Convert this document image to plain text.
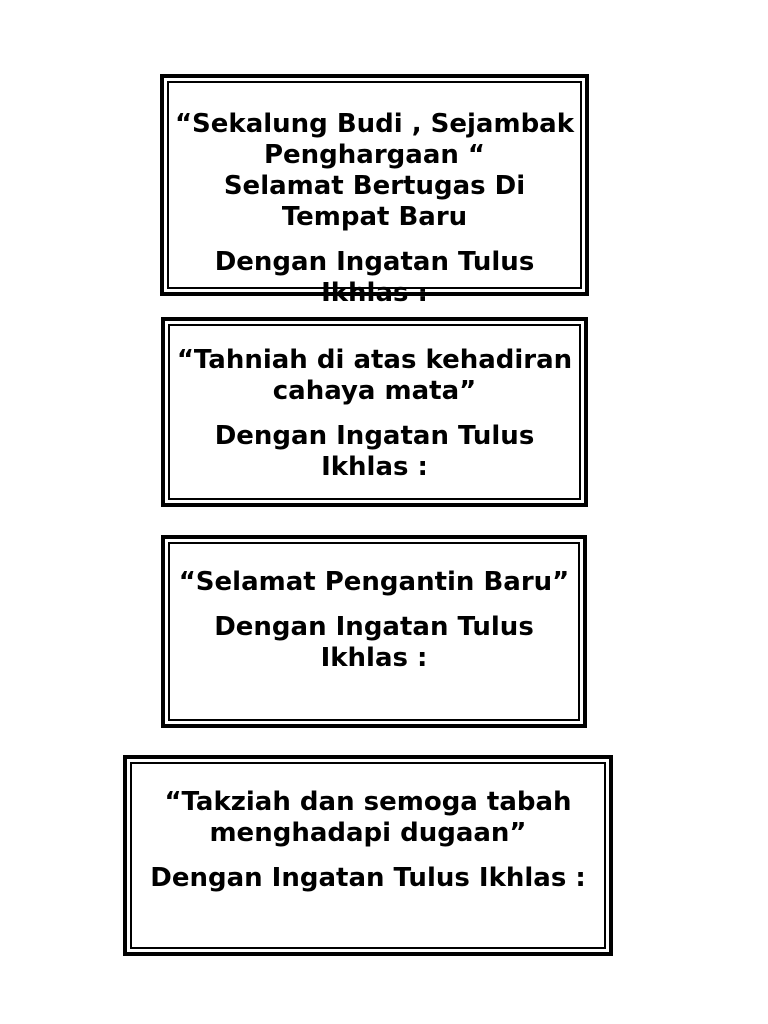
“Sekalung Budi , Sejambak
Penghargaan “
Selamat Bertugas Di
Tempat Baru

Dengan Ingatan Tulus
Ikhlas :

“Tahniah di atas kehadiran
cahaya mata”

Dengan Ingatan Tulus
Ikhlas :

“Selamat Pengantin Baru”

Dengan Ingatan Tulus
Ikhlas :

“Takziah dan semoga tabah
menghadapi dugaan”

Dengan Ingatan Tulus Ikhlas :
